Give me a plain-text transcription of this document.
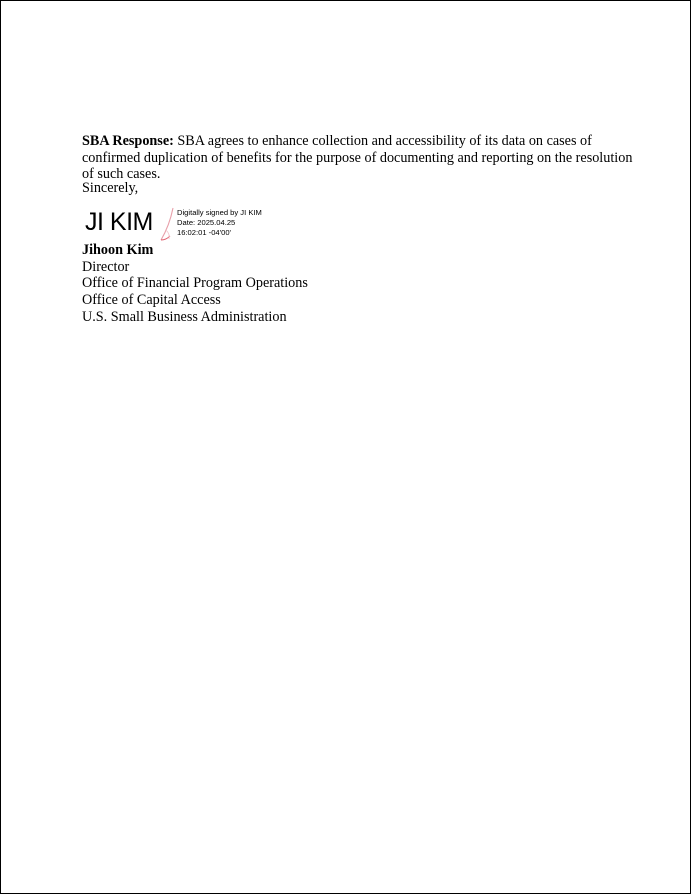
SBA Response: SBA agrees to enhance collection and accessibility of its data on cases of confirmed duplication of benefits for the purpose of documenting and reporting on the resolution of such cases.

Sincerely,

JI KIM	Digitally signed by JI KIM
Date: 2025.04.25
16:02:01 -04'00'
Jihoon Kim
Director
Office of Financial Program Operations
Office of Capital Access
U.S. Small Business Administration
